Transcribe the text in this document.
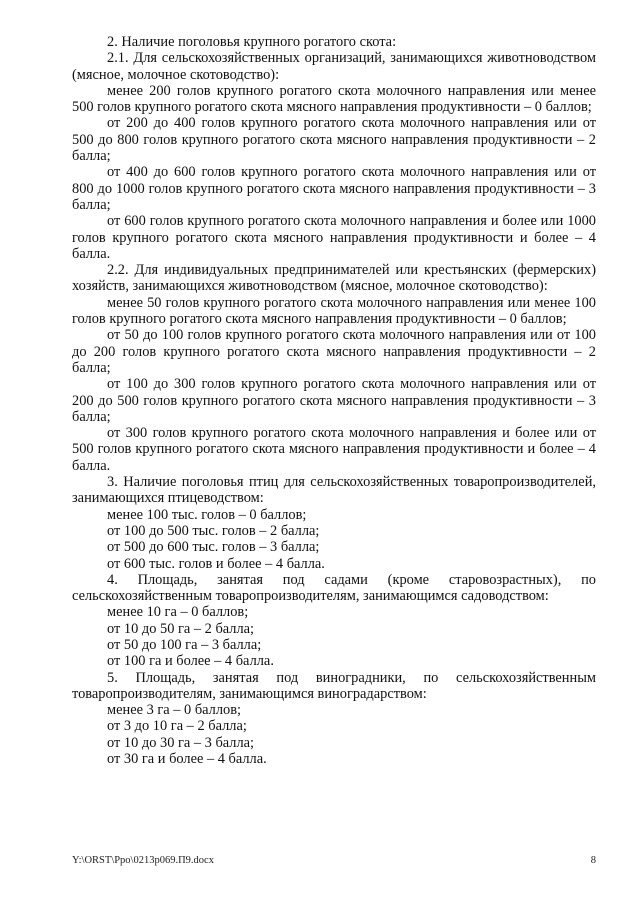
2. Наличие поголовья крупного рогатого скота:

2.1. Для сельскохозяйственных организаций, занимающихся животноводством (мясное, молочное скотоводство):

менее 200 голов крупного рогатого скота молочного направления или менее 500 голов крупного рогатого скота мясного направления продуктивности – 0 баллов;

от 200 до 400 голов крупного рогатого скота молочного направления или от 500 до 800 голов крупного рогатого скота мясного направления продуктивности – 2 балла;

от 400 до 600 голов крупного рогатого скота молочного направления или от 800 до 1000 голов крупного рогатого скота мясного направления продуктивности – 3 балла;

от 600 голов крупного рогатого скота молочного направления и более или 1000 голов крупного рогатого скота мясного направления продуктивности и более – 4 балла.

2.2. Для индивидуальных предпринимателей или крестьянских (фермерских) хозяйств, занимающихся животноводством (мясное, молочное скотоводство):

менее 50 голов крупного рогатого скота молочного направления или менее 100 голов крупного рогатого скота мясного направления продуктивности – 0 баллов;

от 50 до 100 голов крупного рогатого скота молочного направления или от 100 до 200 голов крупного рогатого скота мясного направления продуктивности – 2 балла;

от 100 до 300 голов крупного рогатого скота молочного направления или от 200 до 500 голов крупного рогатого скота мясного направления продуктивности – 3 балла;

от 300 голов крупного рогатого скота молочного направления и более или от 500 голов крупного рогатого скота мясного направления продуктивности и более – 4 балла.

3. Наличие поголовья птиц для сельскохозяйственных товаропроизводителей, занимающихся птицеводством:

менее 100 тыс. голов – 0 баллов;

от 100 до 500 тыс. голов – 2 балла;

от 500 до 600 тыс. голов – 3 балла;

от 600 тыс. голов и более – 4 балла.

4. Площадь, занятая под садами (кроме старовозрастных), по сельскохозяйственным товаропроизводителям, занимающимся садоводством:

менее 10 га – 0 баллов;

от 10 до 50 га – 2 балла;

от 50 до 100 га – 3 балла;

от 100 га и более – 4 балла.

5. Площадь, занятая под виноградники, по сельскохозяйственным товаропроизводителям, занимающимся виноградарством:

менее 3 га – 0 баллов;

от 3 до 10 га – 2 балла;

от 10 до 30 га – 3 балла;

от 30 га и более – 4 балла.

Y:\ORST\Ppo\0213p069.П9.docx	8
